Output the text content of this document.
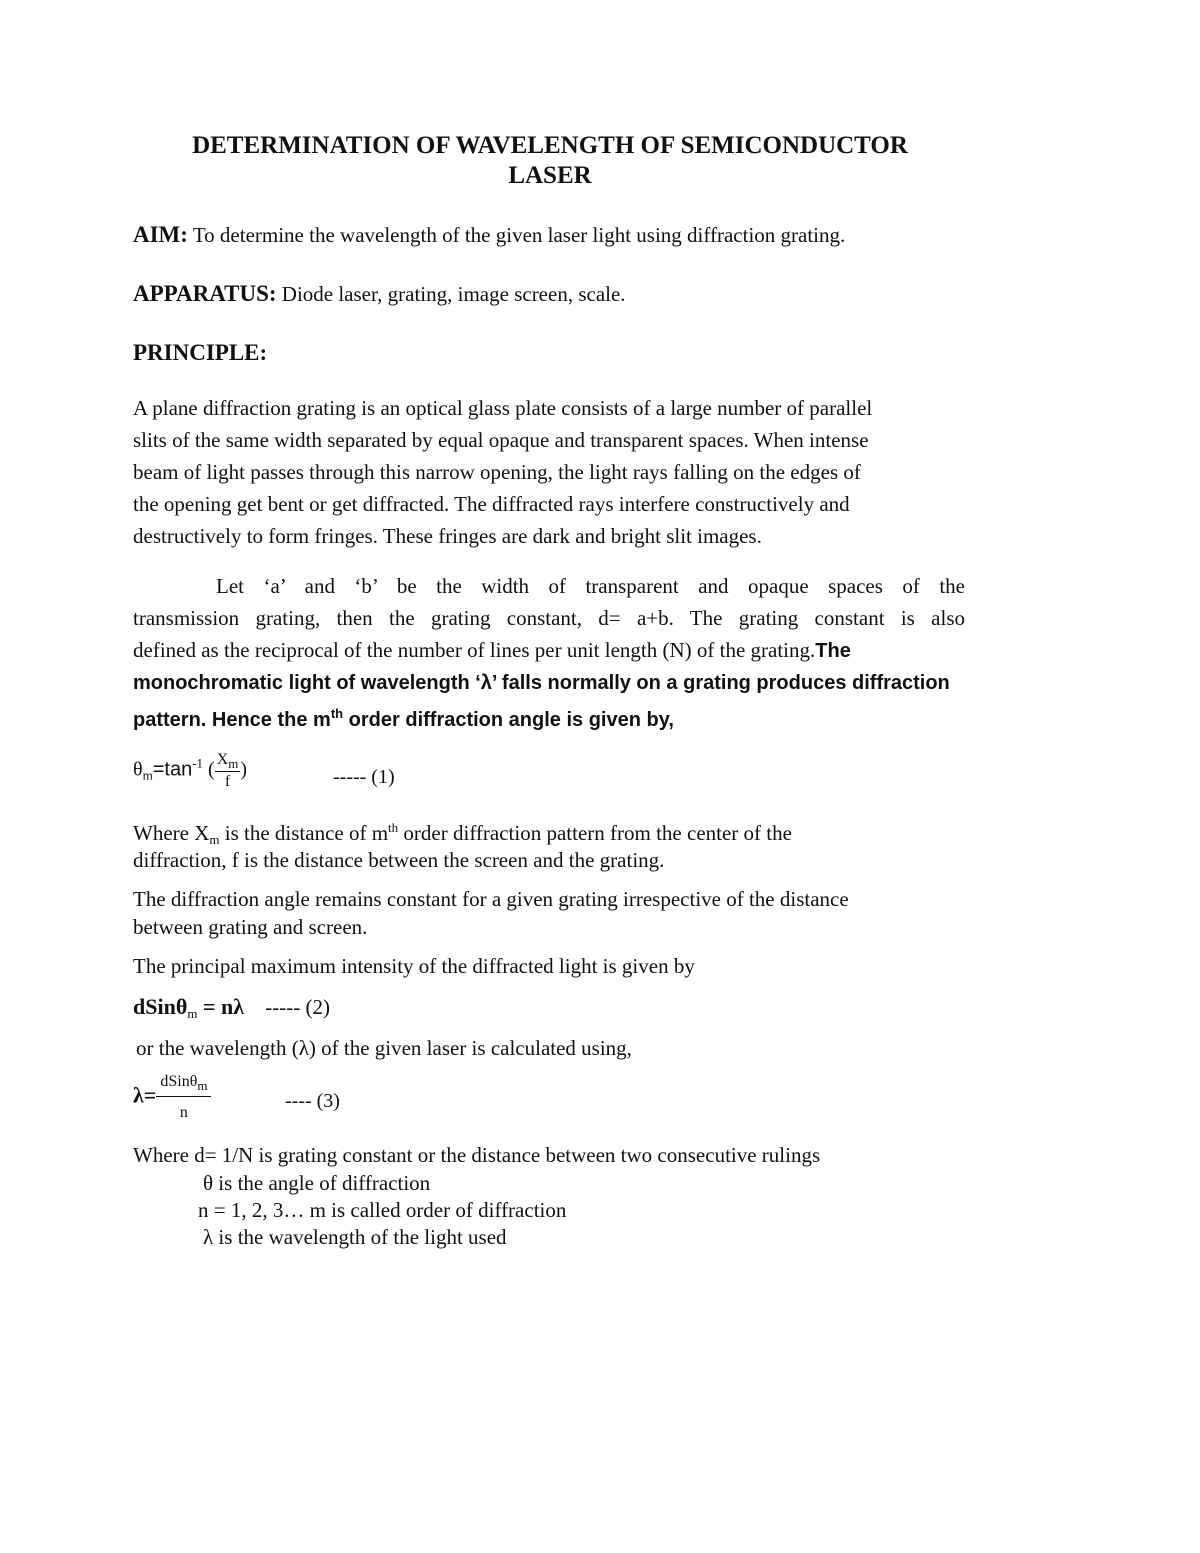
DETERMINATION OF WAVELENGTH OF SEMICONDUCTOR
LASER
AIM: To determine the wavelength of the given laser light using diffraction grating.
APPARATUS: Diode laser, grating, image screen, scale.
PRINCIPLE:
A plane diffraction grating is an optical glass plate consists of a large number of parallel
slits of the same width separated by equal opaque and transparent spaces. When intense
beam of light passes through this narrow opening, the light rays falling on the edges of
the opening get bent or get diffracted. The diffracted rays interfere constructively and
destructively to form fringes. These fringes are dark and bright slit images.
Let ‘a’ and ‘b’ be the width of transparent and opaque spaces of the
transmission grating, then the grating constant, d= a+b. The grating constant is also
defined as the reciprocal of the number of lines per unit length (N) of the grating.The
monochromatic light of wavelength ‘λ’ falls normally on a grating produces diffraction
pattern. Hence the $m^{th}$ order diffraction angle is given by,
$\theta_m=\tan^{-1}$ ( $\frac{X_m}{f}$ )	----- (1)
Where $X_m$ is the distance of $m^{th}$ order diffraction pattern from the center of the
diffraction, f is the distance between the screen and the grating.
The diffraction angle remains constant for a given grating irrespective of the distance
between grating and screen.
The principal maximum intensity of the diffracted light is given by
dSinθ$_m$ = nλ ----- (2)
or the wavelength (λ) of the given laser is calculated using,
$\lambda= \frac{dSin\theta_m}{n}$	---- (3)
Where d= 1/N is grating constant or the distance between two consecutive rulings
θ is the angle of diffraction
n = 1, 2, 3… m is called order of diffraction
λ is the wavelength of the light used
